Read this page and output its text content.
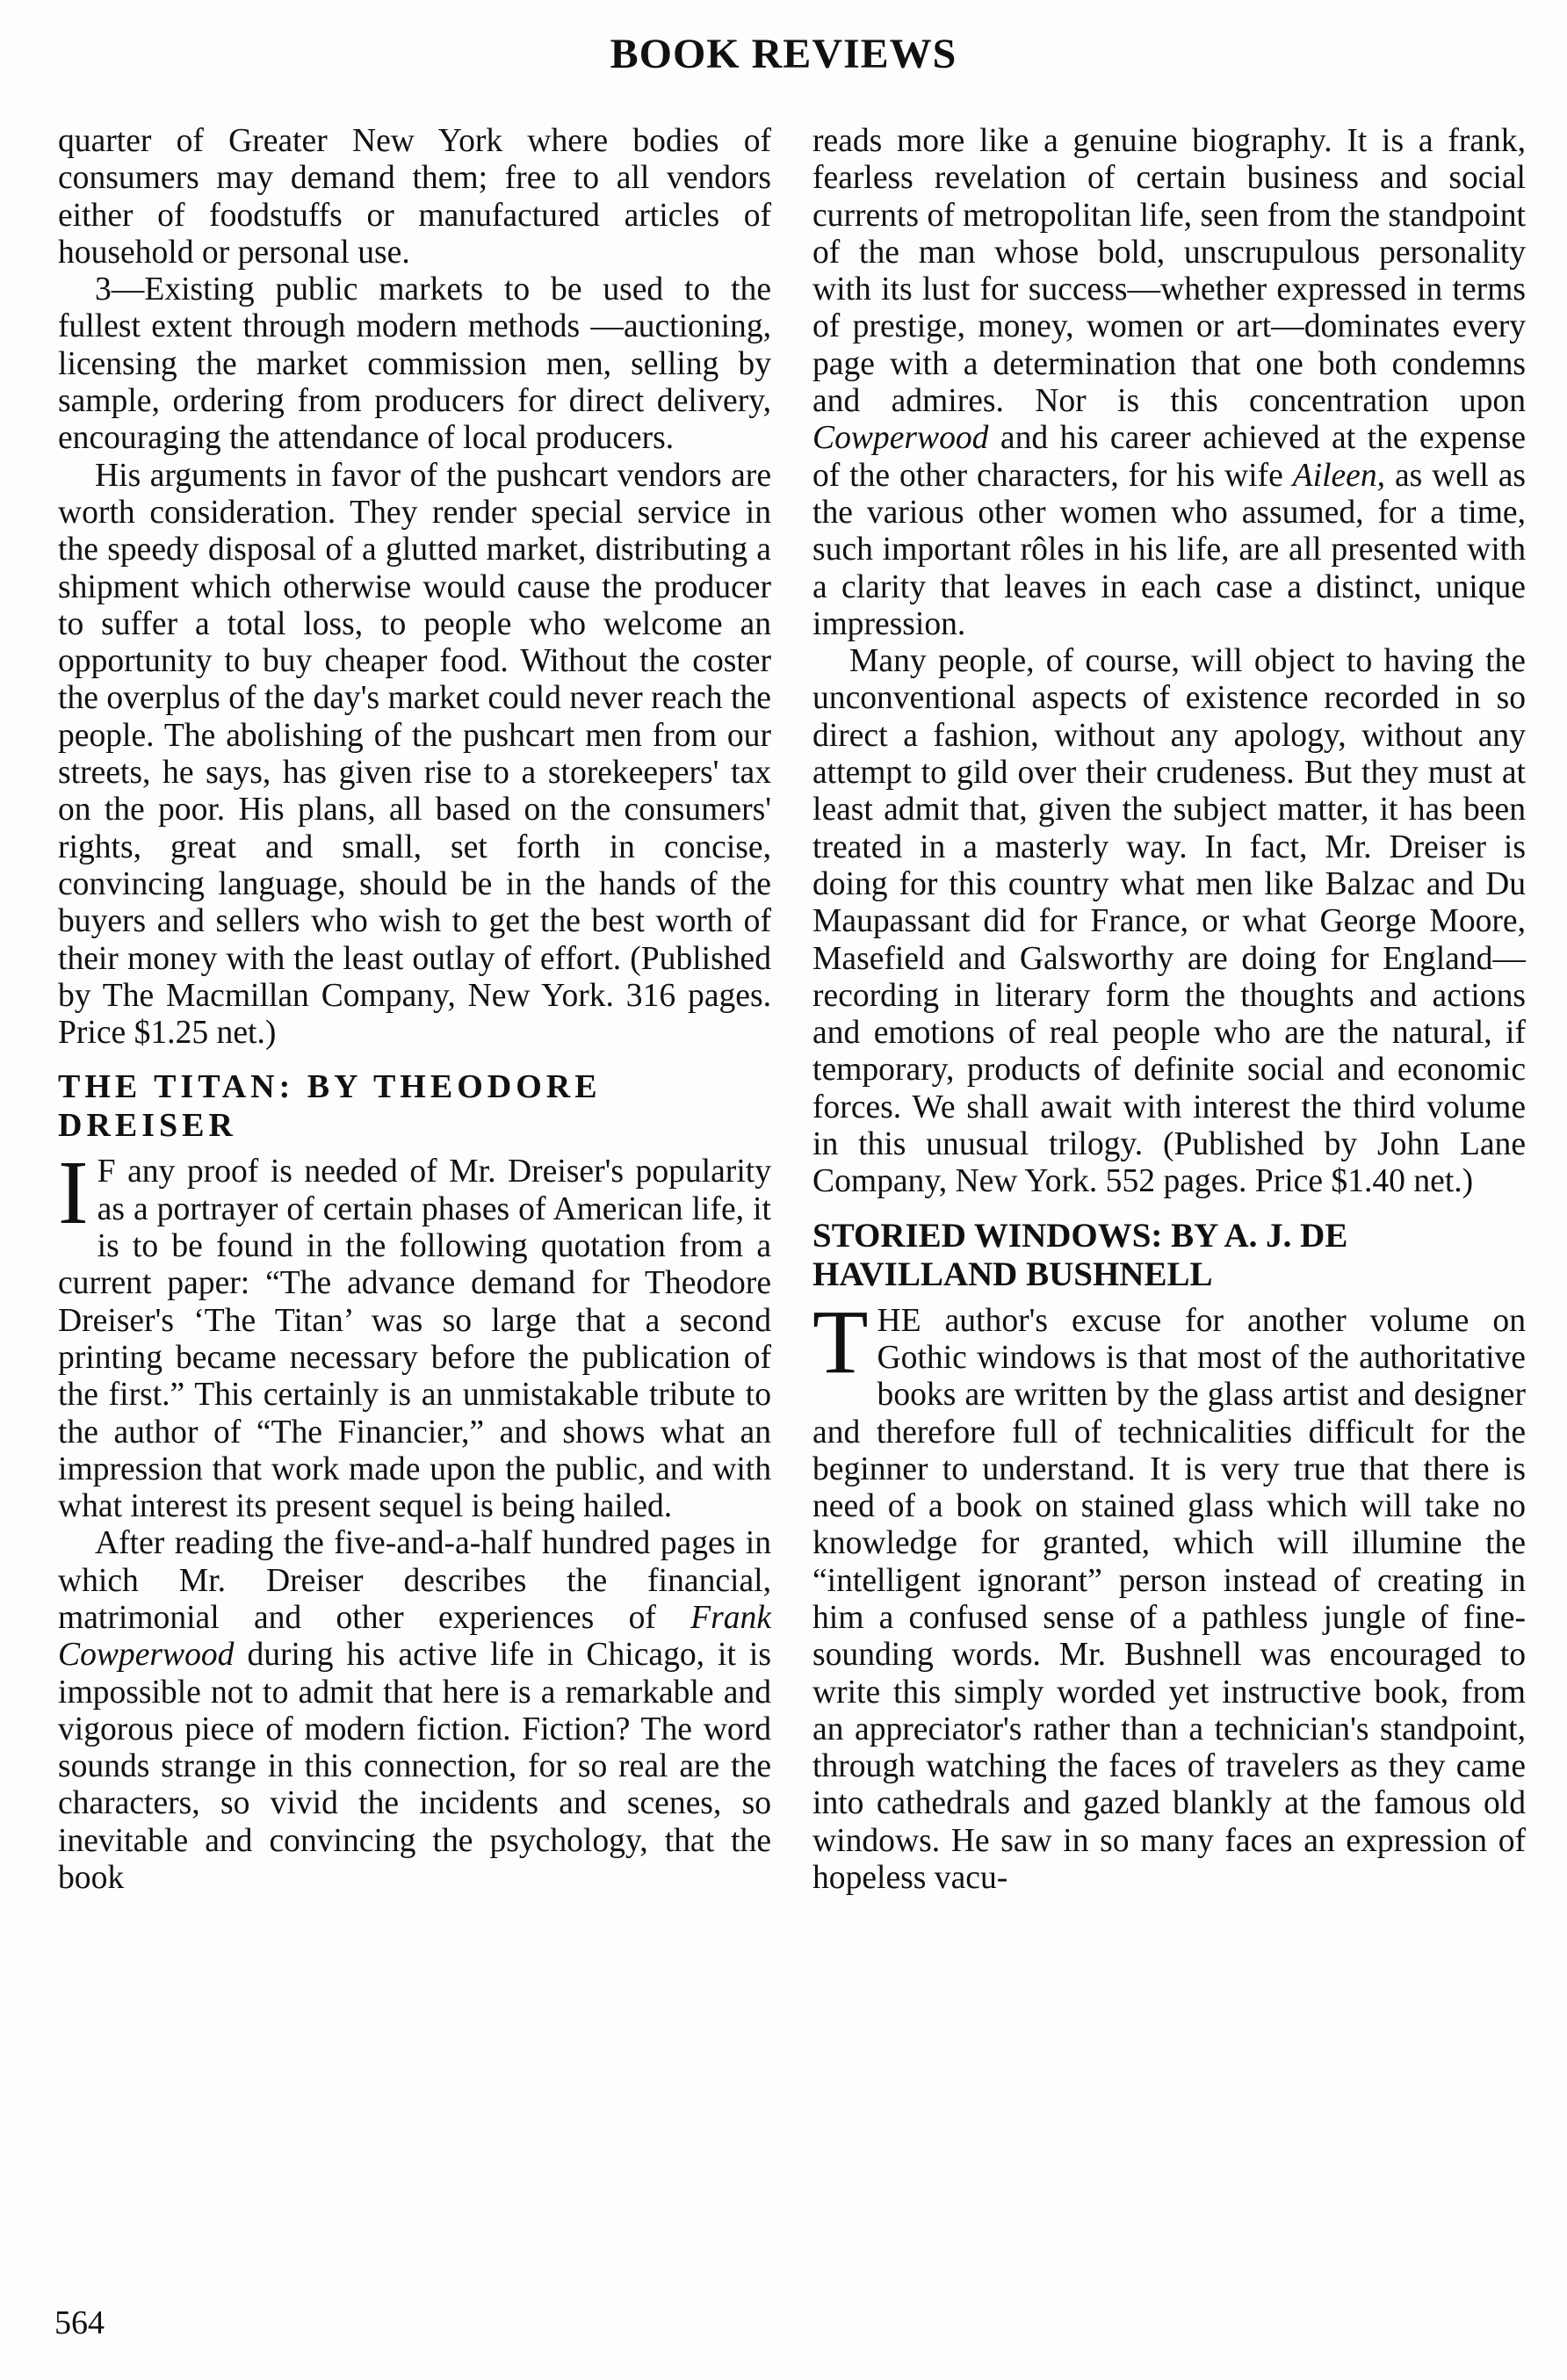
BOOK REVIEWS

quarter of Greater New York where bodies of consumers may demand them; free to all vendors either of foodstuffs or manufactured articles of household or personal use.

3—Existing public markets to be used to the fullest extent through modern methods —auctioning, licensing the market commission men, selling by sample, ordering from producers for direct delivery, encouraging the attendance of local producers.

His arguments in favor of the pushcart vendors are worth consideration. They render special service in the speedy disposal of a glutted market, distributing a shipment which otherwise would cause the producer to suffer a total loss, to people who welcome an opportunity to buy cheaper food. Without the coster the overplus of the day's market could never reach the people. The abolishing of the pushcart men from our streets, he says, has given rise to a storekeepers' tax on the poor. His plans, all based on the consumers' rights, great and small, set forth in concise, convincing language, should be in the hands of the buyers and sellers who wish to get the best worth of their money with the least outlay of effort. (Published by The Macmillan Company, New York. 316 pages. Price $1.25 net.)

THE TITAN: BY THEODORE DREISER

I F any proof is needed of Mr. Dreiser's popularity as a portrayer of certain phases of American life, it is to be found in the following quotation from a current paper: “The advance demand for Theodore Dreiser's ‘The Titan’ was so large that a second printing became necessary before the publication of the first.” This certainly is an unmistakable tribute to the author of “The Financier,” and shows what an impression that work made upon the public, and with what interest its present sequel is being hailed.

After reading the five-and-a-half hundred pages in which Mr. Dreiser describes the financial, matrimonial and other experiences of Frank Cowperwood during his active life in Chicago, it is impossible not to admit that here is a remarkable and vigorous piece of modern fiction. Fiction? The word sounds strange in this connection, for so real are the characters, so vivid the incidents and scenes, so inevitable and convincing the psychology, that the book

reads more like a genuine biography. It is a frank, fearless revelation of certain business and social currents of metropolitan life, seen from the standpoint of the man whose bold, unscrupulous personality with its lust for success—whether expressed in terms of prestige, money, women or art—dominates every page with a determination that one both condemns and admires. Nor is this concentration upon Cowperwood and his career achieved at the expense of the other characters, for his wife Aileen, as well as the various other women who assumed, for a time, such important rôles in his life, are all presented with a clarity that leaves in each case a distinct, unique impression.

Many people, of course, will object to having the unconventional aspects of existence recorded in so direct a fashion, without any apology, without any attempt to gild over their crudeness. But they must at least admit that, given the subject matter, it has been treated in a masterly way. In fact, Mr. Dreiser is doing for this country what men like Balzac and Du Maupassant did for France, or what George Moore, Masefield and Galsworthy are doing for England—recording in literary form the thoughts and actions and emotions of real people who are the natural, if temporary, products of definite social and economic forces. We shall await with interest the third volume in this unusual trilogy. (Published by John Lane Company, New York. 552 pages. Price $1.40 net.)

STORIED WINDOWS: BY A. J. DE HAVILLAND BUSHNELL

THE author's excuse for another volume on Gothic windows is that most of the authoritative books are written by the glass artist and designer and therefore full of technicalities difficult for the beginner to understand. It is very true that there is need of a book on stained glass which will take no knowledge for granted, which will illumine the “intelligent ignorant” person instead of creating in him a confused sense of a pathless jungle of fine-sounding words. Mr. Bushnell was encouraged to write this simply worded yet instructive book, from an appreciator's rather than a technician's standpoint, through watching the faces of travelers as they came into cathedrals and gazed blankly at the famous old windows. He saw in so many faces an expression of hopeless vacu-

564
